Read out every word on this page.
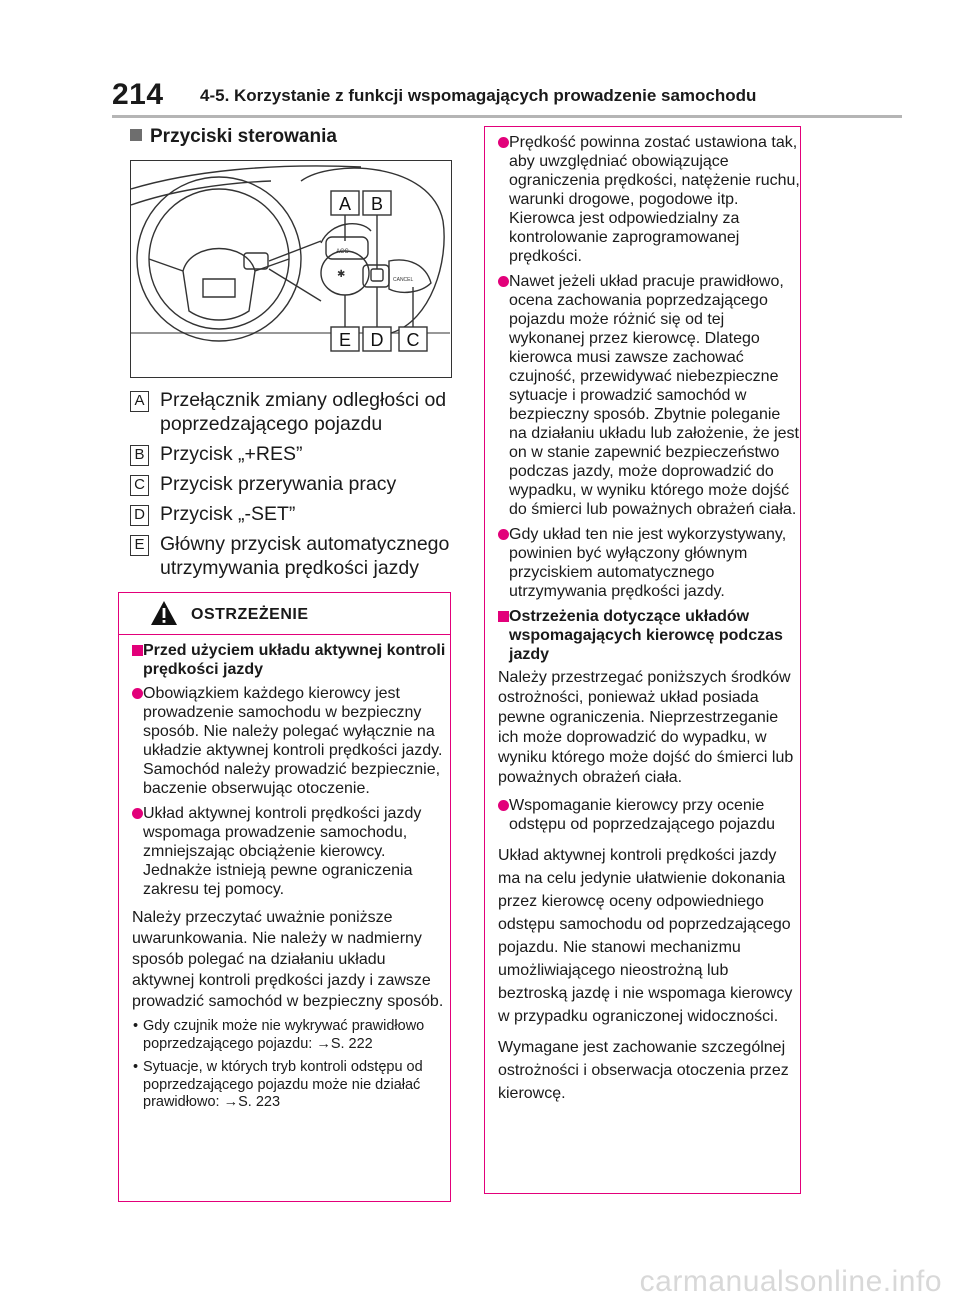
214 4-5. Korzystanie z funkcji wspomagających prowadzenie samochodu
Przyciski sterowania
ACC
CANCEL
✱
A B
E D C
A Przełącznik zmiany odległości od poprzedzającego pojazdu
B Przycisk „+RES”
C Przycisk przerywania pracy
D Przycisk „-SET”
E Główny przycisk automatycznego utrzymywania prędkości jazdy
OSTRZEŻENIE
Przed użyciem układu aktywnej kontroli prędkości jazdy
Obowiązkiem każdego kierowcy jest prowadzenie samochodu w bezpieczny sposób. Nie należy polegać wyłącznie na układzie aktywnej kontroli prędkości jazdy. Samochód należy prowadzić bezpiecznie, baczenie obserwując otoczenie.
Układ aktywnej kontroli prędkości jazdy wspomaga prowadzenie samochodu, zmniejszając obciążenie kierowcy. Jednakże istnieją pewne ograniczenia zakresu tej pomocy.
Należy przeczytać uważnie poniższe uwarunkowania. Nie należy w nadmierny sposób polegać na działaniu układu aktywnej kontroli prędkości jazdy i zawsze prowadzić samochód w bezpieczny sposób.
• Gdy czujnik może nie wykrywać prawidłowo poprzedzającego pojazdu: →S. 222
• Sytuacje, w których tryb kontroli odstępu od poprzedzającego pojazdu może nie działać prawidłowo: →S. 223
Prędkość powinna zostać ustawiona tak, aby uwzględniać obowiązujące ograniczenia prędkości, natężenie ruchu, warunki drogowe, pogodowe itp. Kierowca jest odpowiedzialny za kontrolowanie zaprogramowanej prędkości.
Nawet jeżeli układ pracuje prawidłowo, ocena zachowania poprzedzającego pojazdu może różnić się od tej wykonanej przez kierowcę. Dlatego kierowca musi zawsze zachować czujność, przewidywać niebezpieczne sytuacje i prowadzić samochód w bezpieczny sposób. Zbytnie poleganie na działaniu układu lub założenie, że jest on w stanie zapewnić bezpieczeństwo podczas jazdy, może doprowadzić do wypadku, w wyniku którego może dojść do śmierci lub poważnych obrażeń ciała.
Gdy układ ten nie jest wykorzystywany, powinien być wyłączony głównym przyciskiem automatycznego utrzymywania prędkości jazdy.
Ostrzeżenia dotyczące układów wspomagających kierowcę podczas jazdy
Należy przestrzegać poniższych środków ostrożności, ponieważ układ posiada pewne ograniczenia. Nieprzestrzeganie ich może doprowadzić do wypadku, w wyniku którego może dojść do śmierci lub poważnych obrażeń ciała.
Wspomaganie kierowcy przy ocenie odstępu od poprzedzającego pojazdu
Układ aktywnej kontroli prędkości jazdy ma na celu jedynie ułatwienie dokonania przez kierowcę oceny odpowiedniego odstępu samochodu od poprzedzającego pojazdu. Nie stanowi mechanizmu umożliwiającego nieostrożną lub beztroską jazdę i nie wspomaga kierowcy w przypadku ograniczonej widoczności.
Wymagane jest zachowanie szczególnej ostrożności i obserwacja otoczenia przez kierowcę.
carmanualsonline.info
